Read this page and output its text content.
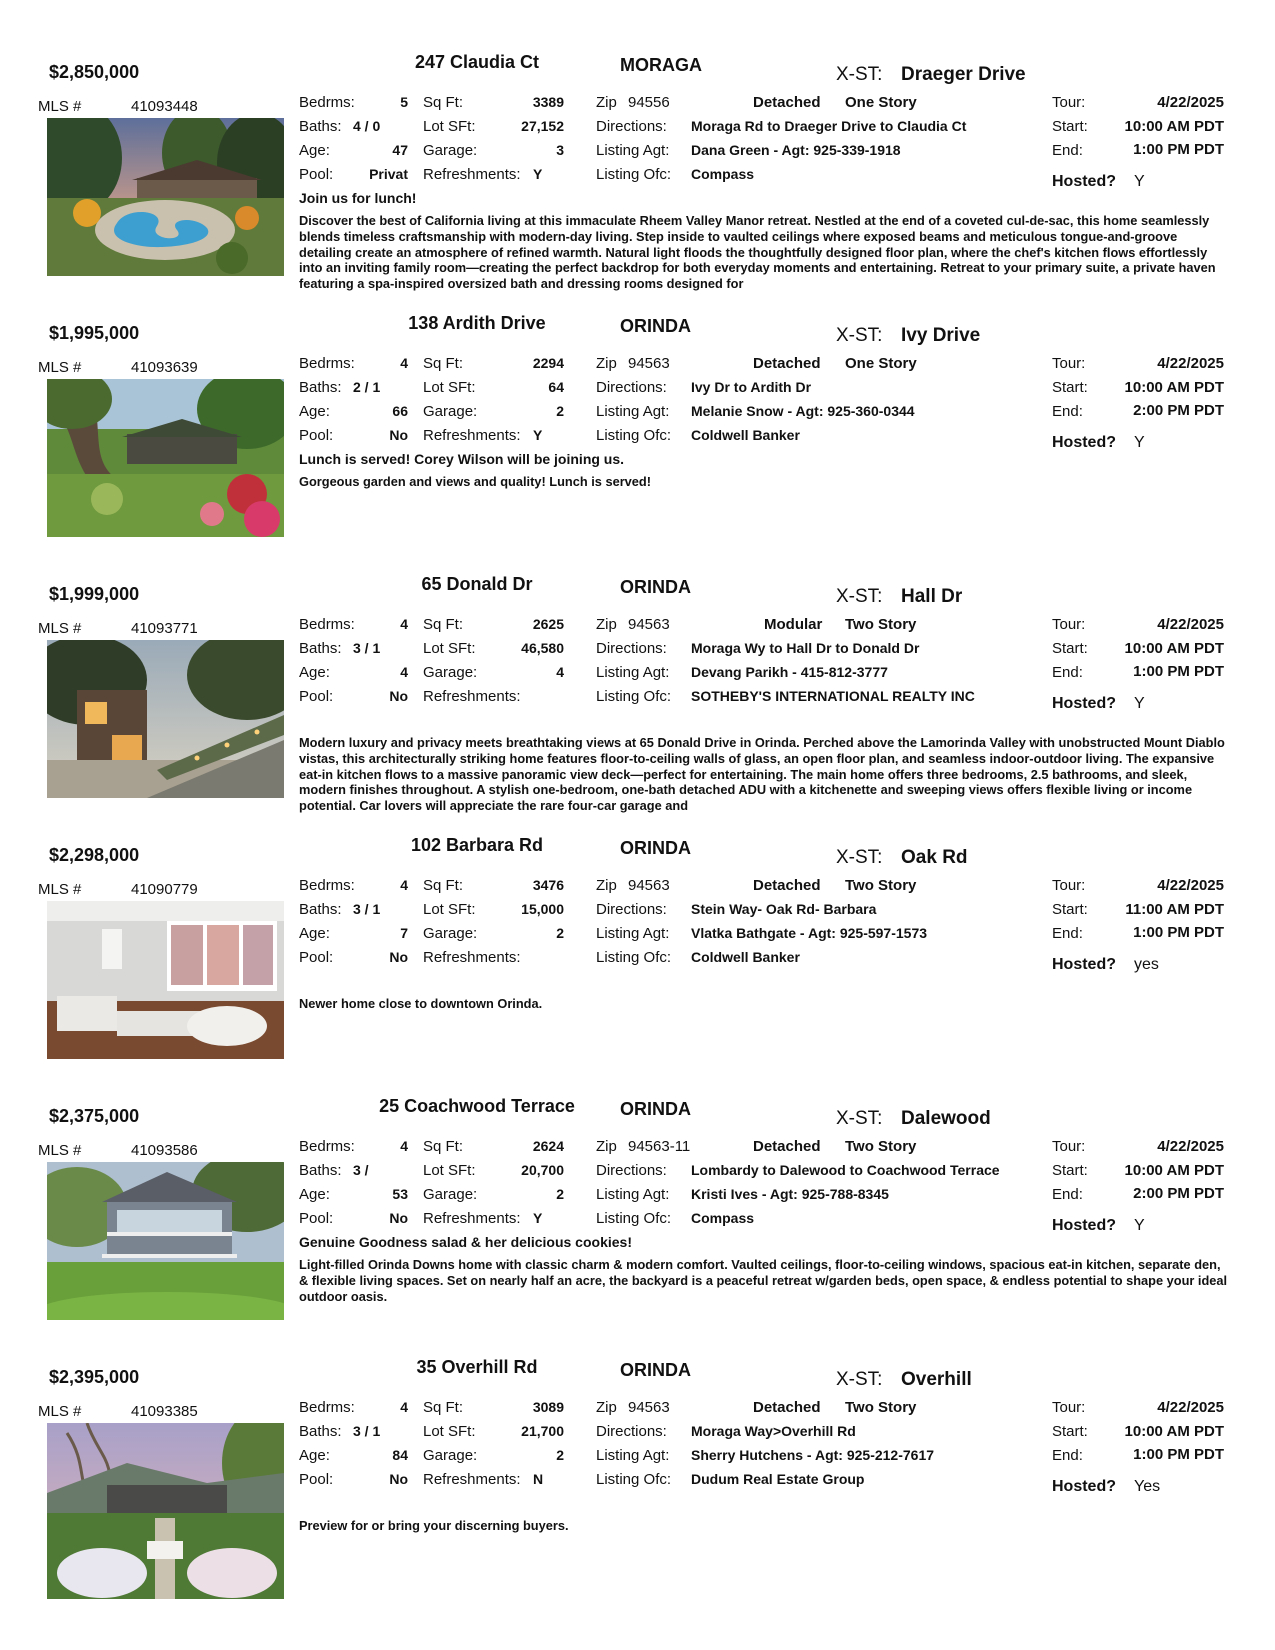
$2,850,000	247 Claudia Ct	MORAGA	X-ST: Draeger Drive
MLS #	41093448	Bedrms:	5 Sq Ft:	3389
Baths: 4 / 0	Lot SFt:	27,152
Age:	47 Garage:	3
Pool:	Privat Refreshments: Y
Zip 94556	Detached One Story
Directions: Moraga Rd to Draeger Drive to Claudia Ct
Listing Agt: Dana Green - Agt: 925-339-1918
Listing Ofc: Compass
Tour:	4/22/2025
Start:	10:00 AM PDT
End:	1:00 PM PDT
Hosted? Y
Join us for lunch!
Discover the best of California living at this immaculate Rheem Valley Manor retreat. Nestled at the end of a coveted cul-de-sac, this home seamlessly blends timeless craftsmanship with modern-day living. Step inside to vaulted ceilings where exposed beams and meticulous tongue-and-groove detailing create an atmosphere of refined warmth. Natural light floods the thoughtfully designed floor plan, where the chef's kitchen flows effortlessly into an inviting family room—creating the perfect backdrop for both everyday moments and entertaining. Retreat to your primary suite, a private haven featuring a spa-inspired oversized bath and dressing rooms designed for
$1,995,000	138 Ardith Drive	ORINDA	X-ST: Ivy Drive
MLS #	41093639	Bedrms:	4 Sq Ft:	2294
Baths: 2 / 1	Lot SFt:	64
Age:	66 Garage:	2
Pool:	No Refreshments: Y
Zip 94563	Detached One Story
Directions: Ivy Dr to Ardith Dr
Listing Agt: Melanie Snow - Agt: 925-360-0344
Listing Ofc: Coldwell Banker
Tour:	4/22/2025
Start:	10:00 AM PDT
End:	2:00 PM PDT
Hosted? Y
Lunch is served! Corey Wilson will be joining us.
Gorgeous garden and views and quality! Lunch is served!
$1,999,000	65 Donald Dr	ORINDA	X-ST: Hall Dr
MLS #	41093771	Bedrms:	4 Sq Ft:	2625
Baths: 3 / 1	Lot SFt:	46,580
Age:	4 Garage:	4
Pool:	No Refreshments:
Zip 94563	Modular Two Story
Directions: Moraga Wy to Hall Dr to Donald Dr
Listing Agt: Devang Parikh - 415-812-3777
Listing Ofc: SOTHEBY'S INTERNATIONAL REALTY INC
Tour:	4/22/2025
Start:	10:00 AM PDT
End:	1:00 PM PDT
Hosted? Y
Modern luxury and privacy meets breathtaking views at 65 Donald Drive in Orinda. Perched above the Lamorinda Valley with unobstructed Mount Diablo vistas, this architecturally striking home features floor-to-ceiling walls of glass, an open floor plan, and seamless indoor-outdoor living. The expansive eat-in kitchen flows to a massive panoramic view deck—perfect for entertaining. The main home offers three bedrooms, 2.5 bathrooms, and sleek, modern finishes throughout. A stylish one-bedroom, one-bath detached ADU with a kitchenette and sweeping views offers flexible living or income potential. Car lovers will appreciate the rare four-car garage and
$2,298,000	102 Barbara Rd	ORINDA	X-ST: Oak Rd
MLS #	41090779	Bedrms:	4 Sq Ft:	3476
Baths: 3 / 1	Lot SFt:	15,000
Age:	7 Garage:	2
Pool:	No Refreshments:
Zip 94563	Detached Two Story
Directions: Stein Way- Oak Rd- Barbara
Listing Agt: Vlatka Bathgate - Agt: 925-597-1573
Listing Ofc: Coldwell Banker
Tour:	4/22/2025
Start:	11:00 AM PDT
End:	1:00 PM PDT
Hosted? yes
Newer home close to downtown Orinda.
$2,375,000	25 Coachwood Terrace	ORINDA	X-ST: Dalewood
MLS #	41093586	Bedrms:	4 Sq Ft:	2624
Baths: 3 /	Lot SFt:	20,700
Age:	53 Garage:	2
Pool:	No Refreshments: Y
Zip 94563-11	Detached Two Story
Directions: Lombardy to Dalewood to Coachwood Terrace
Listing Agt: Kristi Ives - Agt: 925-788-8345
Listing Ofc: Compass
Tour:	4/22/2025
Start:	10:00 AM PDT
End:	2:00 PM PDT
Hosted? Y
Genuine Goodness salad & her delicious cookies!
Light-filled Orinda Downs home with classic charm & modern comfort. Vaulted ceilings, floor-to-ceiling windows, spacious eat-in kitchen, separate den, & flexible living spaces. Set on nearly half an acre, the backyard is a peaceful retreat w/garden beds, open space, & endless potential to shape your ideal outdoor oasis.
$2,395,000	35 Overhill Rd	ORINDA	X-ST: Overhill
MLS #	41093385	Bedrms:	4 Sq Ft:	3089
Baths: 3 / 1	Lot SFt:	21,700
Age:	84 Garage:	2
Pool:	No Refreshments: N
Zip 94563	Detached Two Story
Directions: Moraga Way>Overhill Rd
Listing Agt: Sherry Hutchens - Agt: 925-212-7617
Listing Ofc: Dudum Real Estate Group
Tour:	4/22/2025
Start:	10:00 AM PDT
End:	1:00 PM PDT
Hosted? Yes
Preview for or bring your discerning buyers.
